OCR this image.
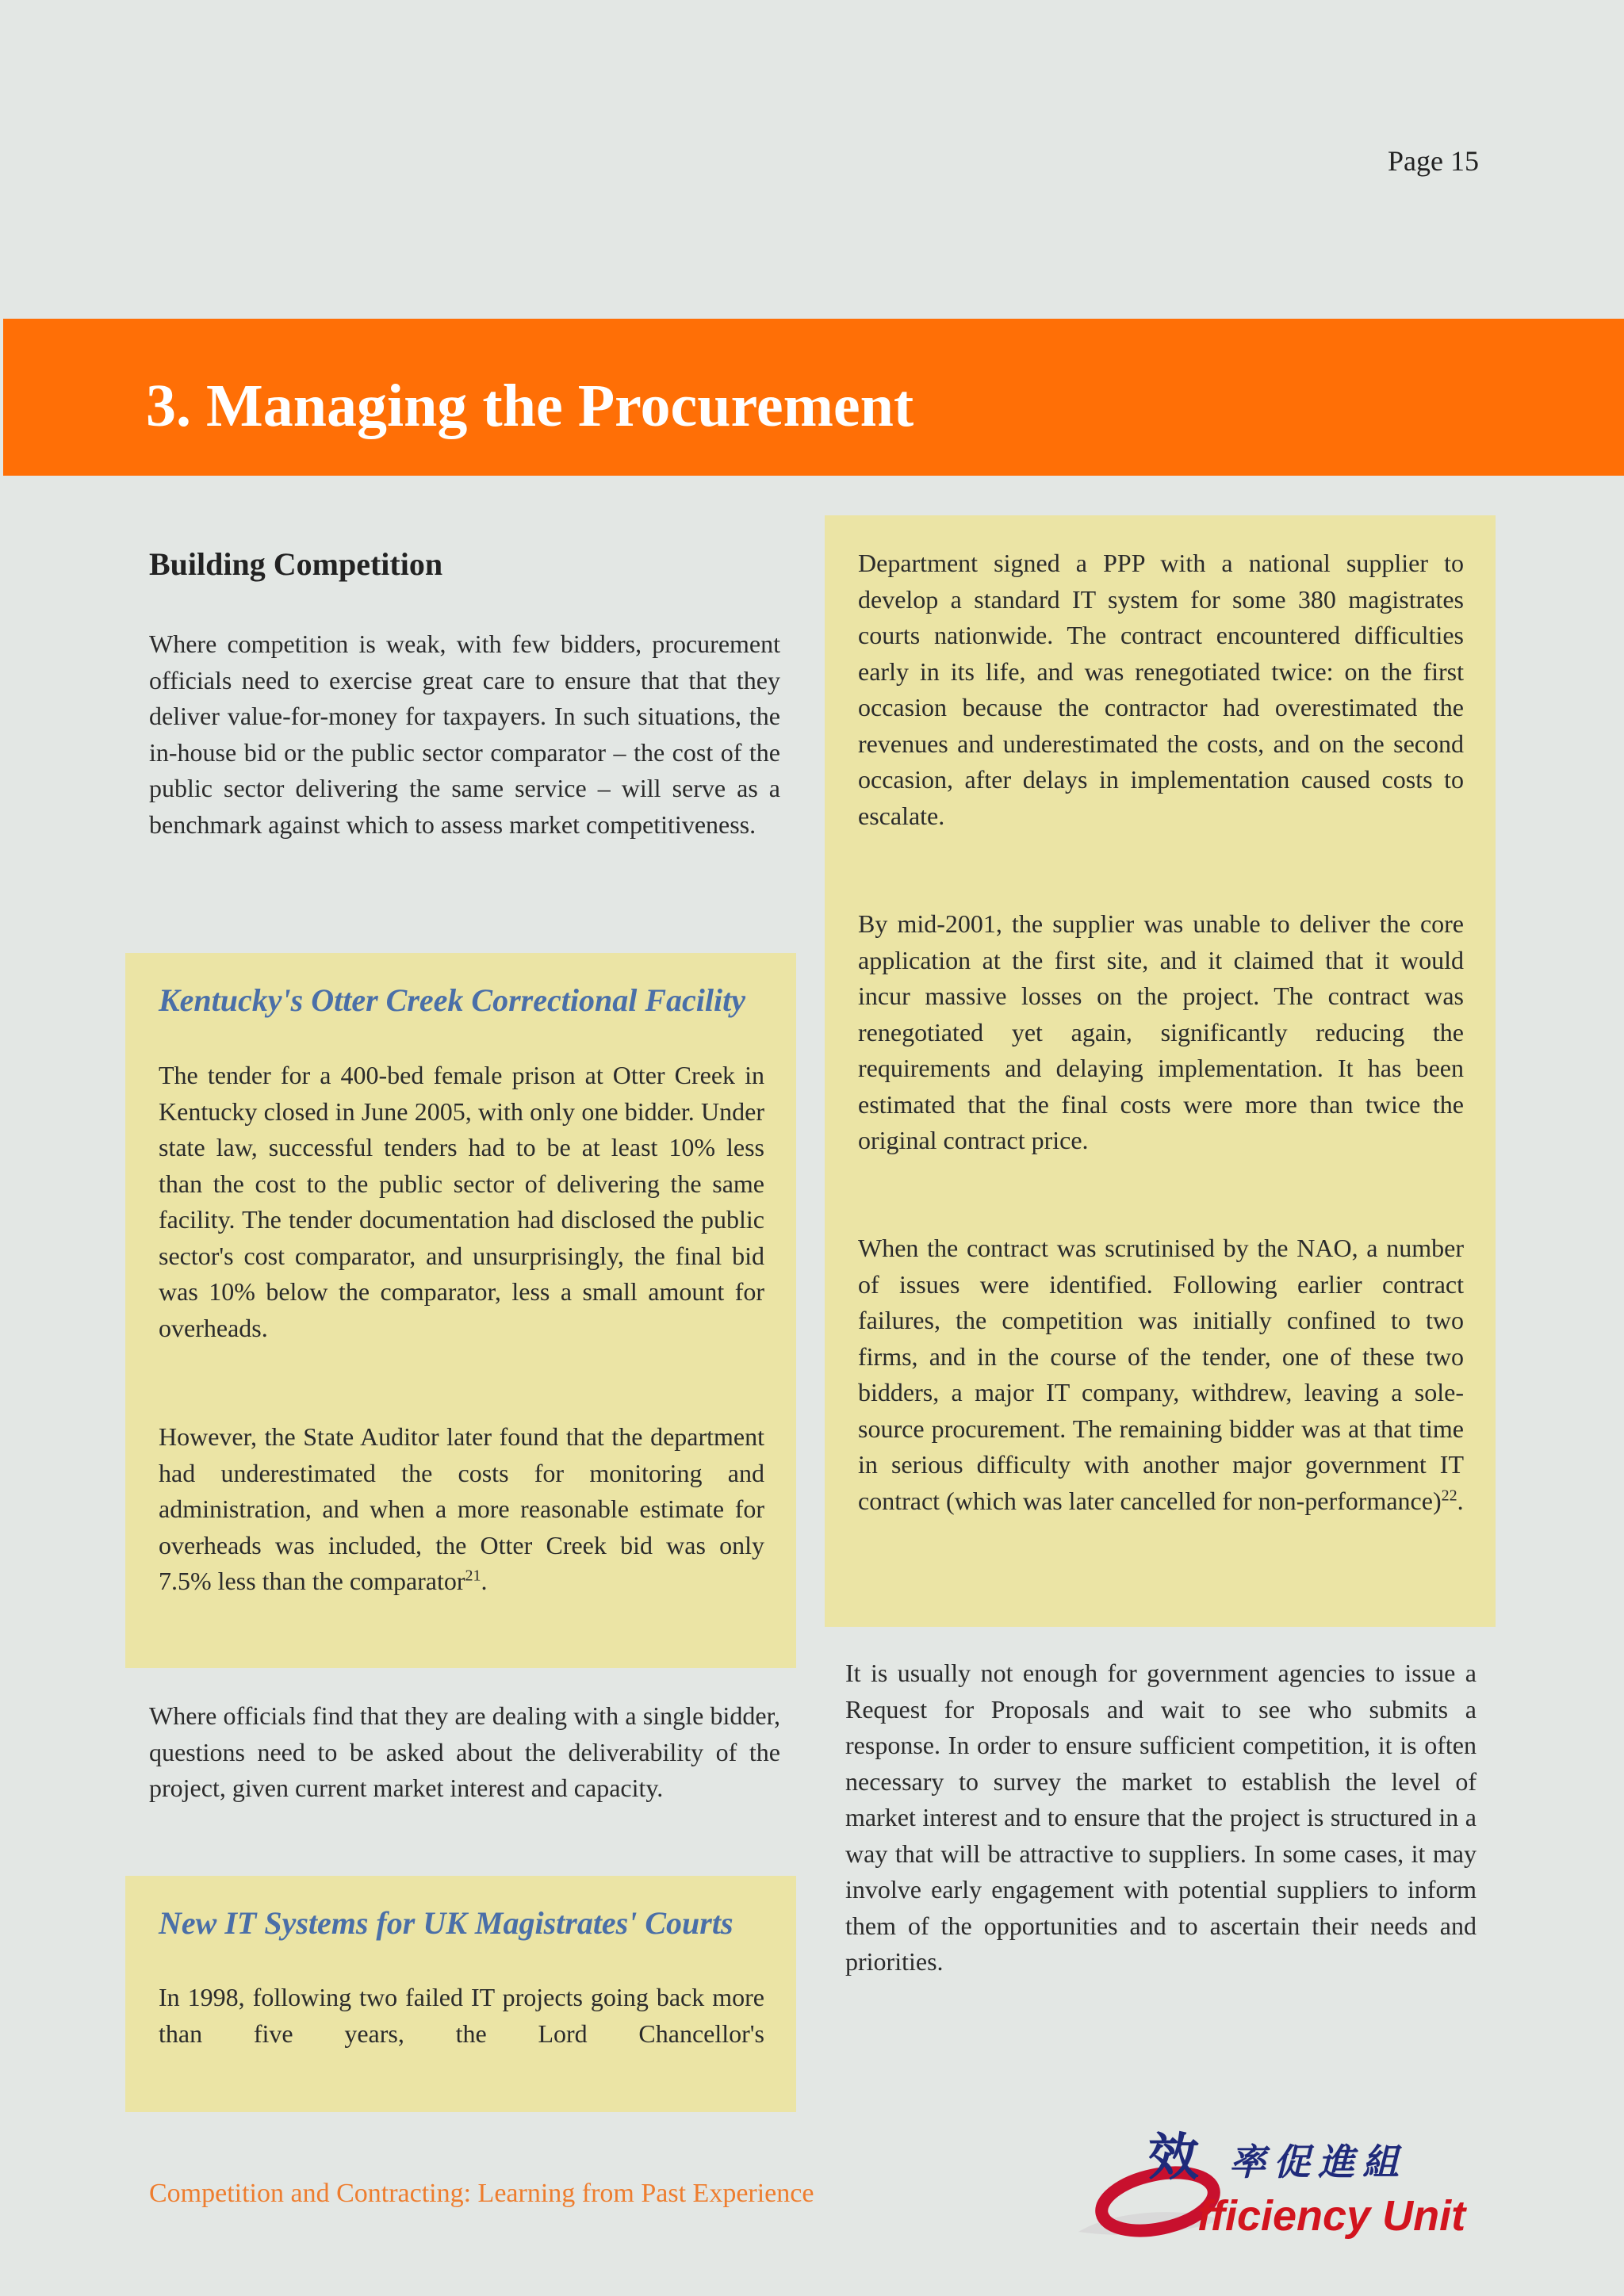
Page 15
3. Managing the Procurement
Building Competition

Where competition is weak, with few bidders, procurement officials need to exercise great care to ensure that that they deliver value-for-money for taxpayers. In such situations, the in-house bid or the public sector comparator – the cost of the public sector delivering the same service – will serve as a benchmark against which to assess market competitiveness.

Kentucky's Otter Creek Correctional Facility

The tender for a 400-bed female prison at Otter Creek in Kentucky closed in June 2005, with only one bidder. Under state law, successful tenders had to be at least 10% less than the cost to the public sector of delivering the same facility. The tender documentation had disclosed the public sector's cost comparator, and unsurprisingly, the final bid was 10% below the comparator, less a small amount for overheads.

However, the State Auditor later found that the department had underestimated the costs for monitoring and administration, and when a more reasonable estimate for overheads was included, the Otter Creek bid was only 7.5% less than the comparator$^{21}$.

Where officials find that they are dealing with a single bidder, questions need to be asked about the deliverability of the project, given current market interest and capacity.

New IT Systems for UK Magistrates' Courts

In 1998, following two failed IT projects going back more than five years, the Lord Chancellor's

Department signed a PPP with a national supplier to develop a standard IT system for some 380 magistrates courts nationwide. The contract encountered difficulties early in its life, and was renegotiated twice: on the first occasion because the contractor had overestimated the revenues and underestimated the costs, and on the second occasion, after delays in implementation caused costs to escalate.

By mid-2001, the supplier was unable to deliver the core application at the first site, and it claimed that it would incur massive losses on the project. The contract was renegotiated yet again, significantly reducing the requirements and delaying implementation. It has been estimated that the final costs were more than twice the original contract price.

When the contract was scrutinised by the NAO, a number of issues were identified. Following earlier contract failures, the competition was initially confined to two firms, and in the course of the tender, one of these two bidders, a major IT company, withdrew, leaving a sole-source procurement. The remaining bidder was at that time in serious difficulty with another major government IT contract (which was later cancelled for non-performance)$^{22}$.

It is usually not enough for government agencies to issue a Request for Proposals and wait to see who submits a response. In order to ensure sufficient competition, it is often necessary to survey the market to establish the level of market interest and to ensure that the project is structured in a way that will be attractive to suppliers. In some cases, it may involve early engagement with potential suppliers to inform them of the opportunities and to ascertain their needs and priorities.

Competition and Contracting: Learning from Past Experience
效 率促進組
fficiency Unit
